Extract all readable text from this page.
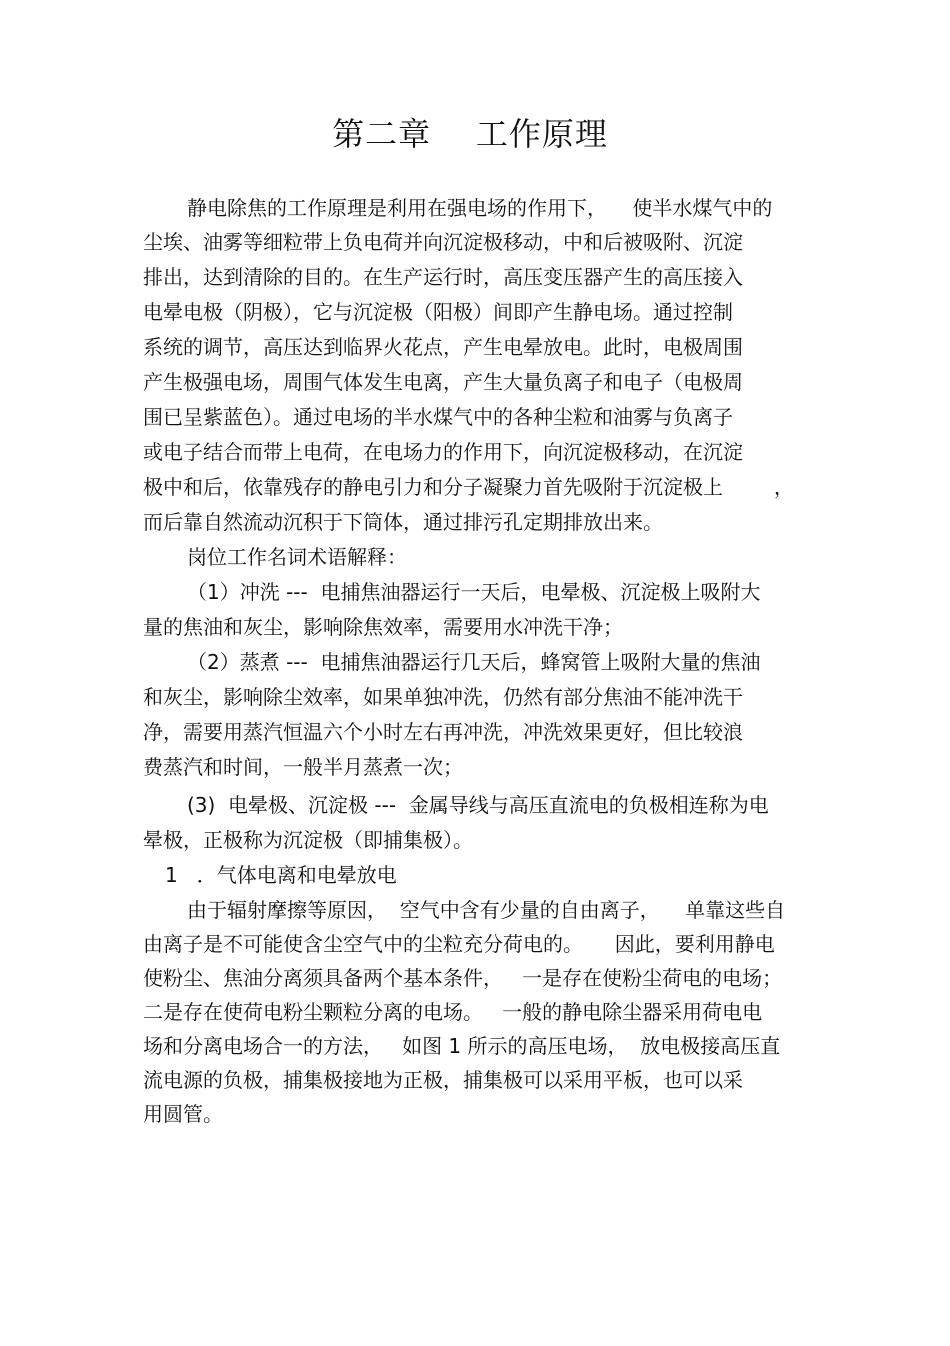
第二章    工作原理
静电除焦的工作原理是利用在强电场的作用下，    使半水煤气中的
尘埃、油雾等细粒带上负电荷并向沉淀极移动，中和后被吸附、沉淀
排出，达到清除的目的。在生产运行时，高压变压器产生的高压接入
电晕电极（阴极），它与沉淀极（阳极）间即产生静电场。通过控制
系统的调节，高压达到临界火花点，产生电晕放电。此时，电极周围
产生极强电场，周围气体发生电离，产生大量负离子和电子（电极周
围已呈紫蓝色）。通过电场的半水煤气中的各种尘粒和油雾与负离子
或电子结合而带上电荷，在电场力的作用下，向沉淀极移动，在沉淀
极中和后，依靠残存的静电引力和分子凝聚力首先吸附于沉淀极上        ，
而后靠自然流动沉积于下筒体，通过排污孔定期排放出来。
岗位工作名词术语解释：
（1）冲洗 ---  电捕焦油器运行一天后，电晕极、沉淀极上吸附大
量的焦油和灰尘，影响除焦效率，需要用水冲洗干净；
（2）蒸煮 ---  电捕焦油器运行几天后，蜂窝管上吸附大量的焦油
和灰尘，影响除尘效率，如果单独冲洗，仍然有部分焦油不能冲洗干
净，需要用蒸汽恒温六个小时左右再冲洗，冲洗效果更好，但比较浪
费蒸汽和时间，一般半月蒸煮一次；
(3)  电晕极、沉淀极 ---  金属导线与高压直流电的负极相连称为电
晕极，正极称为沉淀极（即捕集极）。
1   ．气体电离和电晕放电
由于辐射摩擦等原因，  空气中含有少量的自由离子，    单靠这些自
由离子是不可能使含尘空气中的尘粒充分荷电的。     因此，要利用静电
使粉尘、焦油分离须具备两个基本条件，   一是存在使粉尘荷电的电场；
二是存在使荷电粉尘颗粒分离的电场。   一般的静电除尘器采用荷电电
场和分离电场合一的方法，   如图 1 所示的高压电场，  放电极接高压直
流电源的负极，捕集极接地为正极，捕集极可以采用平板，也可以采
用圆管。
